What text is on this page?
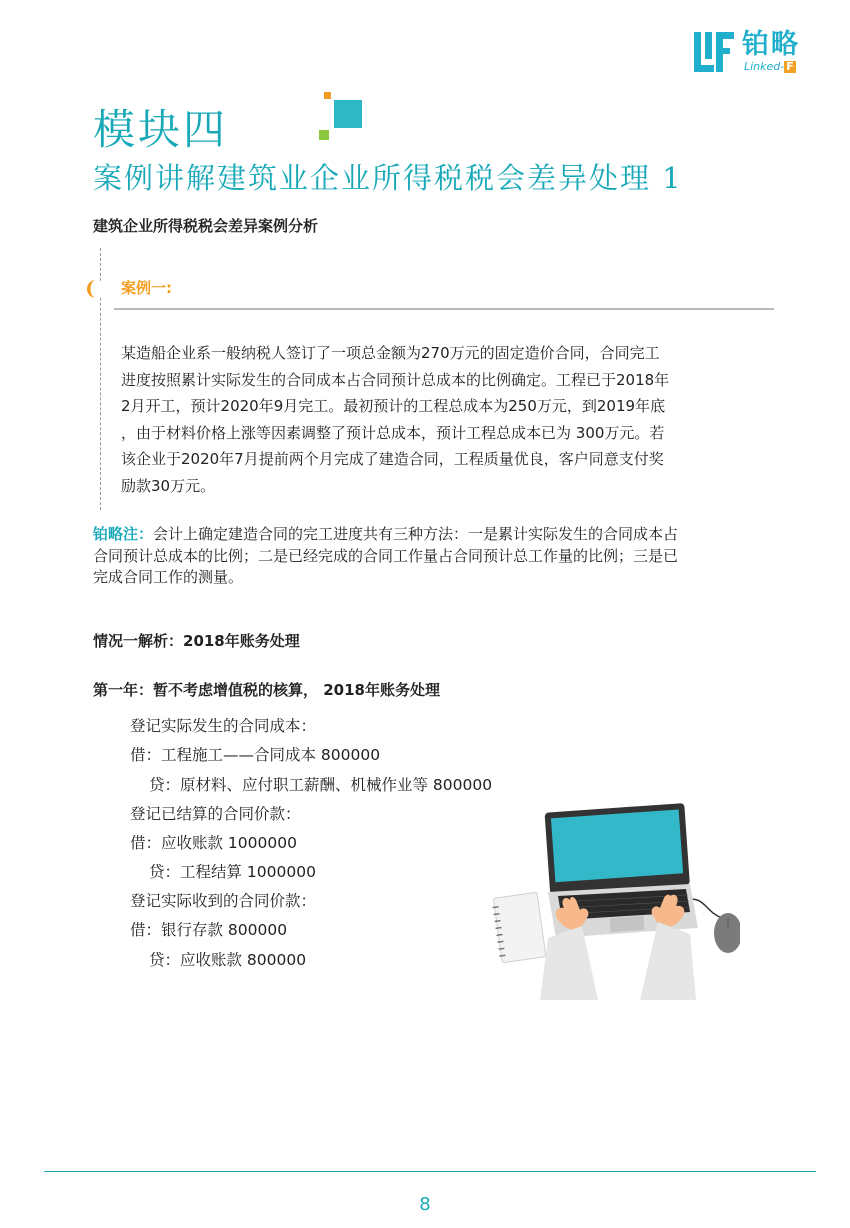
铂略
Linked- F
模块四
案例讲解建筑业企业所得税税会差异处理 1
建筑企业所得税税会差异案例分析
案例一:
某造船企业系一般纳税人签订了一项总金额为270万元的固定造价合同，合同完工
进度按照累计实际发生的合同成本占合同预计总成本的比例确定。工程已于2018年
2月开工，预计2020年9月完工。最初预计的工程总成本为250万元，到2019年底
，由于材料价格上涨等因素调整了预计总成本，预计工程总成本已为 300万元。若
该企业于2020年7月提前两个月完成了建造合同，工程质量优良，客户同意支付奖
励款30万元。
铂略注：会计上确定建造合同的完工进度共有三种方法：一是累计实际发生的合同成本占
合同预计总成本的比例；二是已经完成的合同工作量占合同预计总工作量的比例；三是已
完成合同工作的测量。
情况一解析：2018年账务处理
第一年：暂不考虑增值税的核算， 2018年账务处理
登记实际发生的合同成本：
借：工程施工——合同成本 800000
贷：原材料、应付职工薪酬、机械作业等 800000
登记已结算的合同价款：
借：应收账款 1000000
贷：工程结算 1000000
登记实际收到的合同价款：
借：银行存款 800000
贷：应收账款 800000
8
